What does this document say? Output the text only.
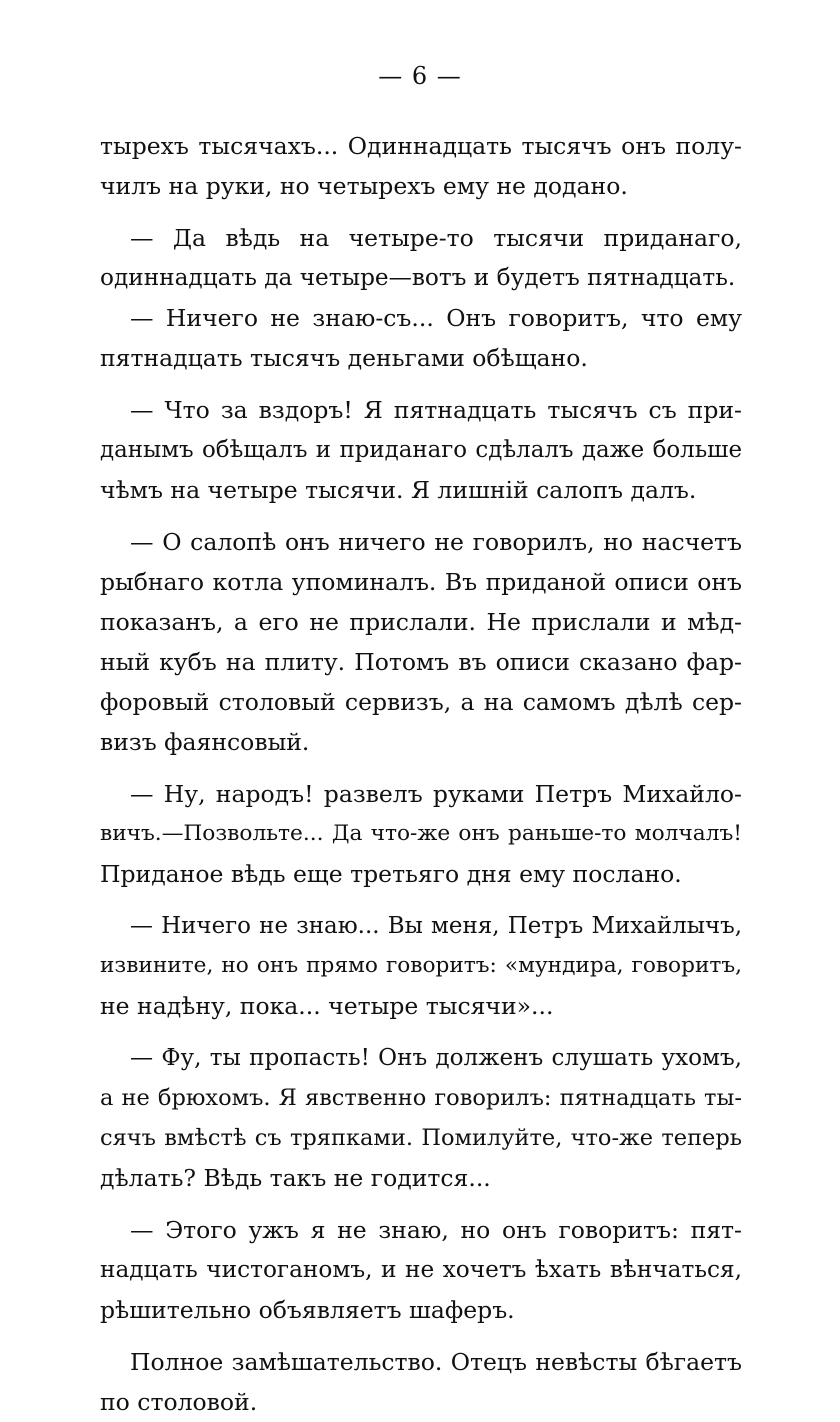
— 6 —
тырехъ тысячахъ... Одиннадцать тысячъ онъ полу-
чилъ на руки, но четырехъ ему не додано.
— Да вѣдь на четыре-то тысячи приданаго,
одиннадцать да четыре—вотъ и будетъ пятнадцать.
— Ничего не знаю-съ... Онъ говоритъ, что ему
пятнадцать тысячъ деньгами обѣщано.
— Что за вздоръ! Я пятнадцать тысячъ съ при-
данымъ обѣщалъ и приданаго сдѣлалъ даже больше
чѣмъ на четыре тысячи. Я лишній салопъ далъ.
— О салопѣ онъ ничего не говорилъ, но насчетъ
рыбнаго котла упоминалъ. Въ приданой описи онъ
показанъ, а его не прислали. Не прислали и мѣд-
ный кубъ на плиту. Потомъ въ описи сказано фар-
форовый столовый сервизъ, а на самомъ дѣлѣ сер-
визъ фаянсовый.
— Ну, народъ! развелъ руками Петръ Михайло-
вичъ.—Позвольте... Да что-же онъ раньше-то молчалъ!
Приданое вѣдь еще третьяго дня ему послано.
— Ничего не знаю... Вы меня, Петръ Михайлычъ,
извините, но онъ прямо говоритъ: «мундира, говоритъ,
не надѣну, пока... четыре тысячи»...
— Фу, ты пропасть! Онъ долженъ слушать ухомъ,
а не брюхомъ. Я явственно говорилъ: пятнадцать ты-
сячъ вмѣстѣ съ тряпками. Помилуйте, что-же теперь
дѣлать? Вѣдь такъ не годится...
— Этого ужъ я не знаю, но онъ говоритъ: пят-
надцать чистоганомъ, и не хочетъ ѣхать вѣнчаться,
рѣшительно объявляетъ шаферъ.
Полное замѣшательство. Отецъ невѣсты бѣгаетъ
по столовой.
